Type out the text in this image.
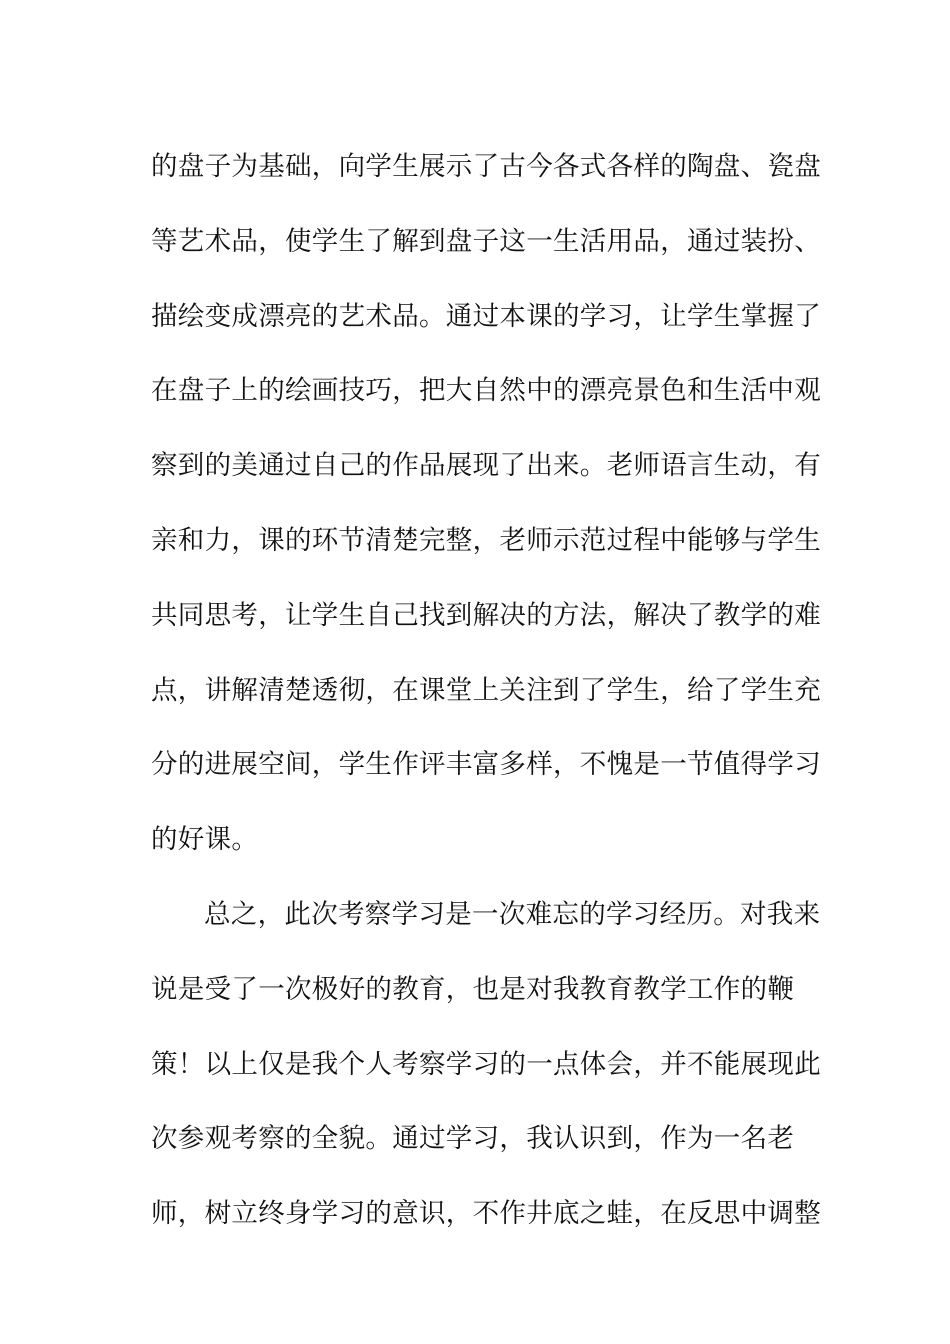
的盘子为基础，向学生展示了古今各式各样的陶盘、瓷盘
等艺术品，使学生了解到盘子这一生活用品，通过装扮、
描绘变成漂亮的艺术品。通过本课的学习，让学生掌握了
在盘子上的绘画技巧，把大自然中的漂亮景色和生活中观
察到的美通过自己的作品展现了出来。老师语言生动，有
亲和力，课的环节清楚完整，老师示范过程中能够与学生
共同思考，让学生自己找到解决的方法，解决了教学的难
点，讲解清楚透彻，在课堂上关注到了学生，给了学生充
分的进展空间，学生作评丰富多样，不愧是一节值得学习
的好课。
总之，此次考察学习是一次难忘的学习经历。对我来
说是受了一次极好的教育，也是对我教育教学工作的鞭
策！以上仅是我个人考察学习的一点体会，并不能展现此
次参观考察的全貌。通过学习，我认识到，作为一名老
师，树立终身学习的意识，不作井底之蛙，在反思中调整
